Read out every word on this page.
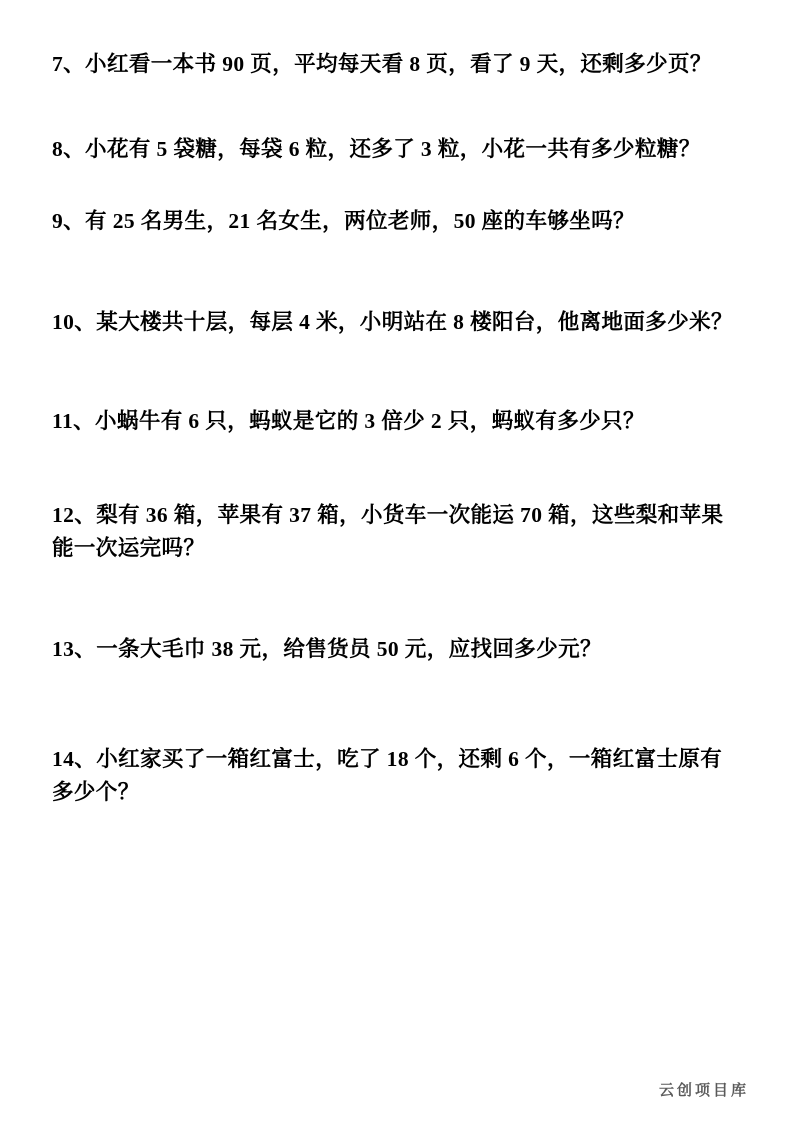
7、小红看一本书 90 页，平均每天看 8 页，看了 9 天，还剩多少页？

8、小花有 5 袋糖，每袋 6 粒，还多了 3 粒，小花一共有多少粒糖？

9、有 25 名男生，21 名女生，两位老师，50 座的车够坐吗？

10、某大楼共十层，每层 4 米，小明站在 8 楼阳台，他离地面多少米？

11、小蜗牛有 6 只，蚂蚁是它的 3 倍少 2 只，蚂蚁有多少只？

12、梨有 36 箱，苹果有 37 箱，小货车一次能运 70 箱，这些梨和苹果能一次运完吗？

13、一条大毛巾 38 元，给售货员 50 元，应找回多少元？

14、小红家买了一箱红富士，吃了 18 个，还剩 6 个，一箱红富士原有多少个？

云创项目库
